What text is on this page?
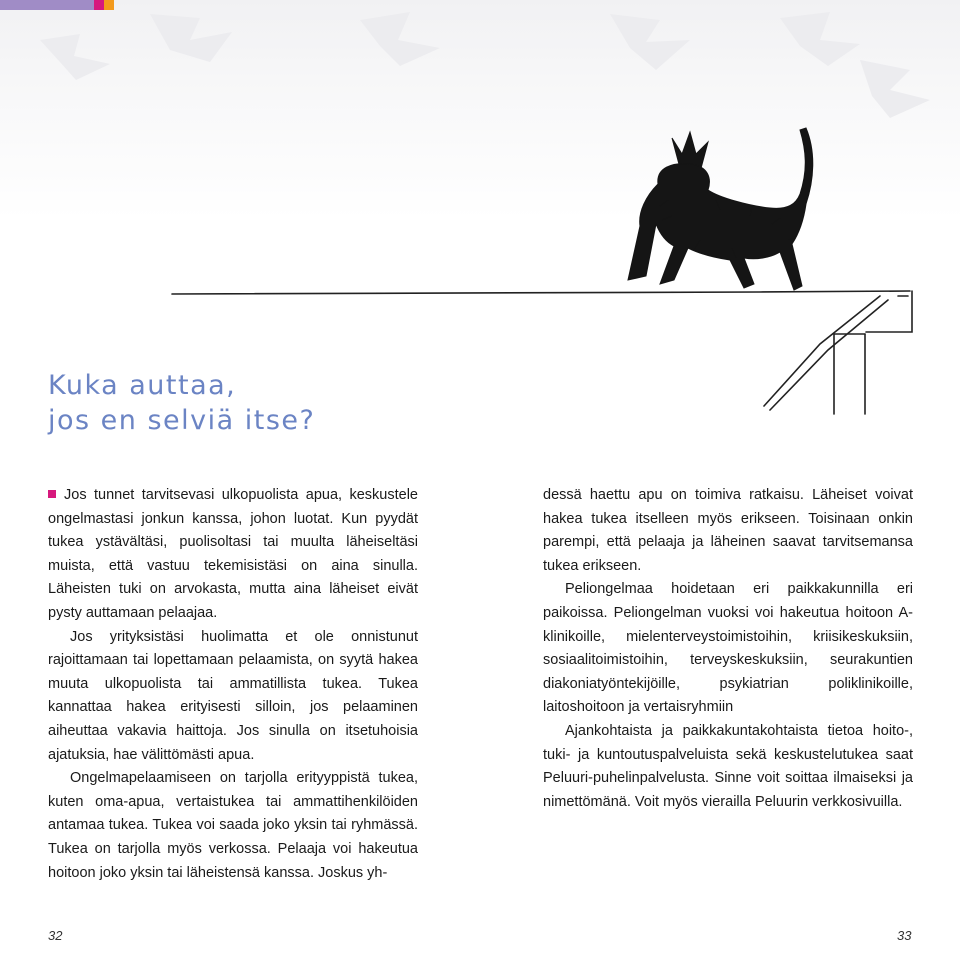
Kuka auttaa,
jos en selviä itse?

Jos tunnet tarvitsevasi ulkopuolista apua, keskustele ongelmastasi jonkun kanssa, johon luotat. Kun pyydät tukea ystävältäsi, puolisoltasi tai muulta läheiseltäsi muista, että vastuu tekemisistäsi on aina sinulla. Läheisten tuki on arvokasta, mutta aina läheiset eivät pysty auttamaan pelaajaa.

Jos yrityksistäsi huolimatta et ole onnistunut rajoittamaan tai lopettamaan pelaamista, on syytä hakea muuta ulkopuolista tai ammatillista tukea. Tukea kannattaa hakea erityisesti silloin, jos pelaaminen aiheuttaa vakavia haittoja. Jos sinulla on itsetuhoisia ajatuksia, hae välittömästi apua.

Ongelmapelaamiseen on tarjolla erityyppistä tukea, kuten oma-apua, vertaistukea tai ammattihenkilöiden antamaa tukea. Tukea voi saada joko yksin tai ryhmässä. Tukea on tarjolla myös verkossa. Pelaaja voi hakeutua hoitoon joko yksin tai läheistensä kanssa. Joskus yh-

dessä haettu apu on toimiva ratkaisu. Läheiset voivat hakea tukea itselleen myös erikseen. Toisinaan onkin parempi, että pelaaja ja läheinen saavat tarvitsemansa tukea erikseen.

Peliongelmaa hoidetaan eri paikkakunnilla eri paikoissa. Peliongelman vuoksi voi hakeutua hoitoon A-klinikoille, mielenterveystoimistoihin, kriisikeskuksiin, sosiaalitoimistoihin, terveyskeskuksiin, seurakuntien diakoniatyöntekijöille, psykiatrian poliklinikoille, laitoshoitoon ja vertaisryhmiin

Ajankohtaista ja paikkakuntakohtaista tietoa hoito-, tuki- ja kuntoutuspalveluista sekä keskustelutukea saat Peluuri-puhelinpalvelusta. Sinne voit soittaa ilmaiseksi ja nimettömänä. Voit myös vierailla Peluurin verkkosivuilla.

32	33
